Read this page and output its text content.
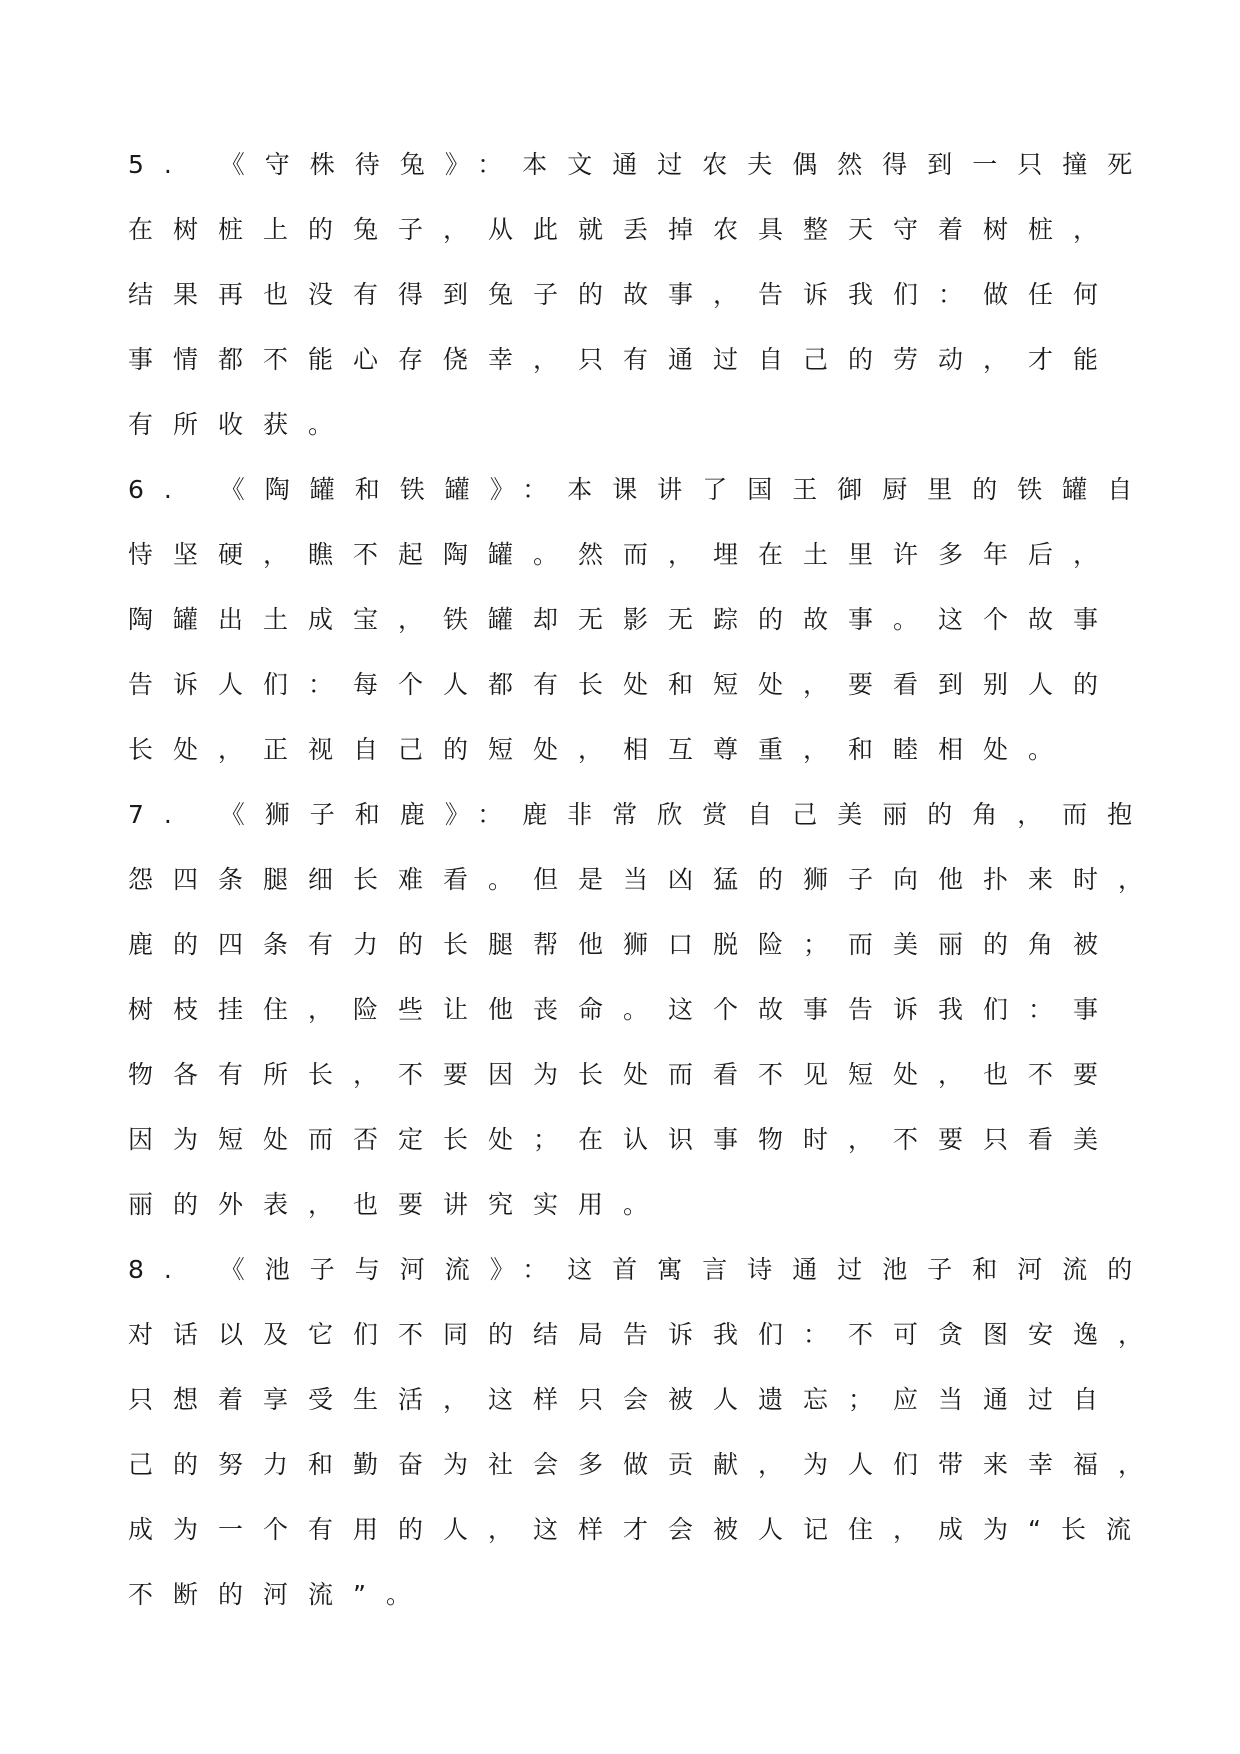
5. 《守株待兔》：本文通过农夫偶然得到一只撞死
在树桩上的兔子，从此就丢掉农具整天守着树桩，
结果再也没有得到兔子的故事，告诉我们：做任何
事情都不能心存侥幸，只有通过自己的劳动，才能
有所收获。
6. 《陶罐和铁罐》：本课讲了国王御厨里的铁罐自
恃坚硬，瞧不起陶罐。然而，埋在土里许多年后，
陶罐出土成宝，铁罐却无影无踪的故事。这个故事
告诉人们：每个人都有长处和短处，要看到别人的
长处，正视自己的短处，相互尊重，和睦相处。
7. 《狮子和鹿》：鹿非常欣赏自己美丽的角，而抱
怨四条腿细长难看。但是当凶猛的狮子向他扑来时，
鹿的四条有力的长腿帮他狮口脱险；而美丽的角被
树枝挂住，险些让他丧命。这个故事告诉我们：事
物各有所长，不要因为长处而看不见短处，也不要
因为短处而否定长处；在认识事物时，不要只看美
丽的外表，也要讲究实用。
8. 《池子与河流》：这首寓言诗通过池子和河流的
对话以及它们不同的结局告诉我们：不可贪图安逸，
只想着享受生活，这样只会被人遗忘；应当通过自
己的努力和勤奋为社会多做贡献，为人们带来幸福，
成为一个有用的人，这样才会被人记住，成为“长流
不断的河流”。
